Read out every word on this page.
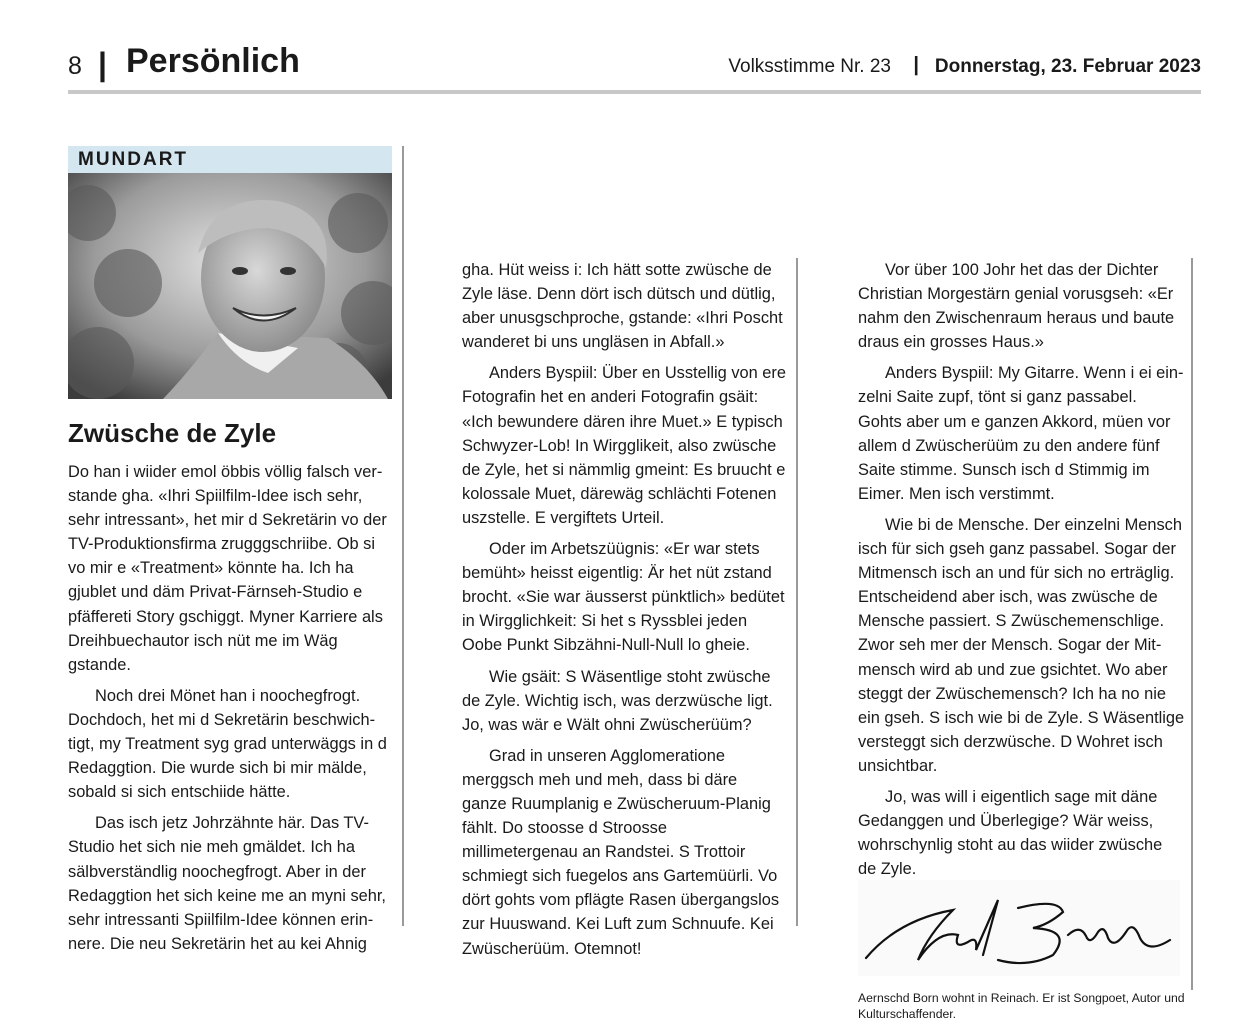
8 | Persönlich	Volksstimme Nr. 23 | Donnerstag, 23. Februar 2023
MUNDART
Zwüsche de Zyle

Do han i wiider emol öbbis völlig falsch verstande gha. «Ihri Spiilfilm-Idee isch sehr, sehr intressant», het mir d Sekretärin vo der TV-Produktionsfirma zrugggschriibe. Ob si vo mir e «Treatment» könnte ha. Ich ha gjublet und däm Privat-Färnseh-Studio e pfäffereti Story gschiggt. Myner Karriere als Dreihbuechautor isch nüt me im Wäg gstande.

Noch drei Mönet han i noochegfrogt. Dochdoch, het mi d Sekretärin beschwichtigt, my Treatment syg grad unterwäggs in d Redaggtion. Die wurde sich bi mir mälde, sobald si sich entschiide hätte.

Das isch jetz Johrzähnte här. Das TV-Studio het sich nie meh gmäldet. Ich ha sälbverständlig noochegfrogt. Aber in der Redaggtion het sich keine me an myni sehr, sehr intressanti Spiilfilm-Idee können erinnere. Die neu Sekretärin het au kei Ahnig

gha. Hüt weiss i: Ich hätt sotte zwüsche de Zyle läse. Denn dört isch dütsch und dütlig, aber unusgschproche, gstande: «Ihri Poscht wanderet bi uns ungläsen in Abfall.»

Anders Byspiil: Über en Usstellig von ere Fotografin het en anderi Fotografin gsäit: «Ich bewundere dären ihre Muet.» E typisch Schwyzer-Lob! In Wirgglikeit, also zwüsche de Zyle, het si nämmlig gmeint: Es bruucht e kolossale Muet, därewäg schlächti Fotenen uszstelle. E vergiftets Urteil.

Oder im Arbetszüügnis: «Er war stets bemüht» heisst eigentlig: Är het nüt zstand brocht. «Sie war äusserst pünktlich» bedütet in Wirgglichkeit: Si het s Ryssblei jeden Oobe Punkt Sibzähni-Null-Null lo gheie.

Wie gsäit: S Wäsentlige stoht zwüsche de Zyle. Wichtig isch, was derzwüsche ligt. Jo, was wär e Wält ohni Zwüscherüüm?

Grad in unseren Agglomeratione merggsch meh und meh, dass bi däre ganze Ruumplanig e Zwüscheruum-Planig fählt. Do stoosse d Stroosse millimetergenau an Randstei. S Trottoir schmiegt sich fuegelos ans Gartemüürli. Vo dört gohts vom pflägte Rasen übergangslos zur Huuswand. Kei Luft zum Schnuufe. Kei Zwüscherüüm. Otemnot!

Vor über 100 Johr het das der Dichter Christian Morgestärn genial vorusgseh: «Er nahm den Zwischenraum heraus und baute draus ein grosses Haus.»

Anders Byspiil: My Gitarre. Wenn i ei einzelni Saite zupf, tönt si ganz passabel. Gohts aber um e ganzen Akkord, müen vor allem d Zwüscherüüm zu den andere fünf Saite stimme. Sunsch isch d Stimmig im Eimer. Men isch verstimmt.

Wie bi de Mensche. Der einzelni Mensch isch für sich gseh ganz passabel. Sogar der Mitmensch isch an und für sich no erträglig. Entscheidend aber isch, was zwüsche de Mensche passiert. S Zwüschemenschlige. Zwor seh mer der Mensch. Sogar der Mitmensch wird ab und zue gsichtet. Wo aber steggt der Zwüschemensch? Ich ha no nie ein gseh. S isch wie bi de Zyle. S Wäsentlige versteggt sich derzwüsche. D Wohret isch unsichtbar.

Jo, was will i eigentlich sage mit däne Gedanggen und Überlegige? Wär weiss, wohrschynlig stoht au das wiider zwüsche de Zyle.

Aernschd Born wohnt in Reinach. Er ist Songpoet, Autor und Kulturschaffender.
